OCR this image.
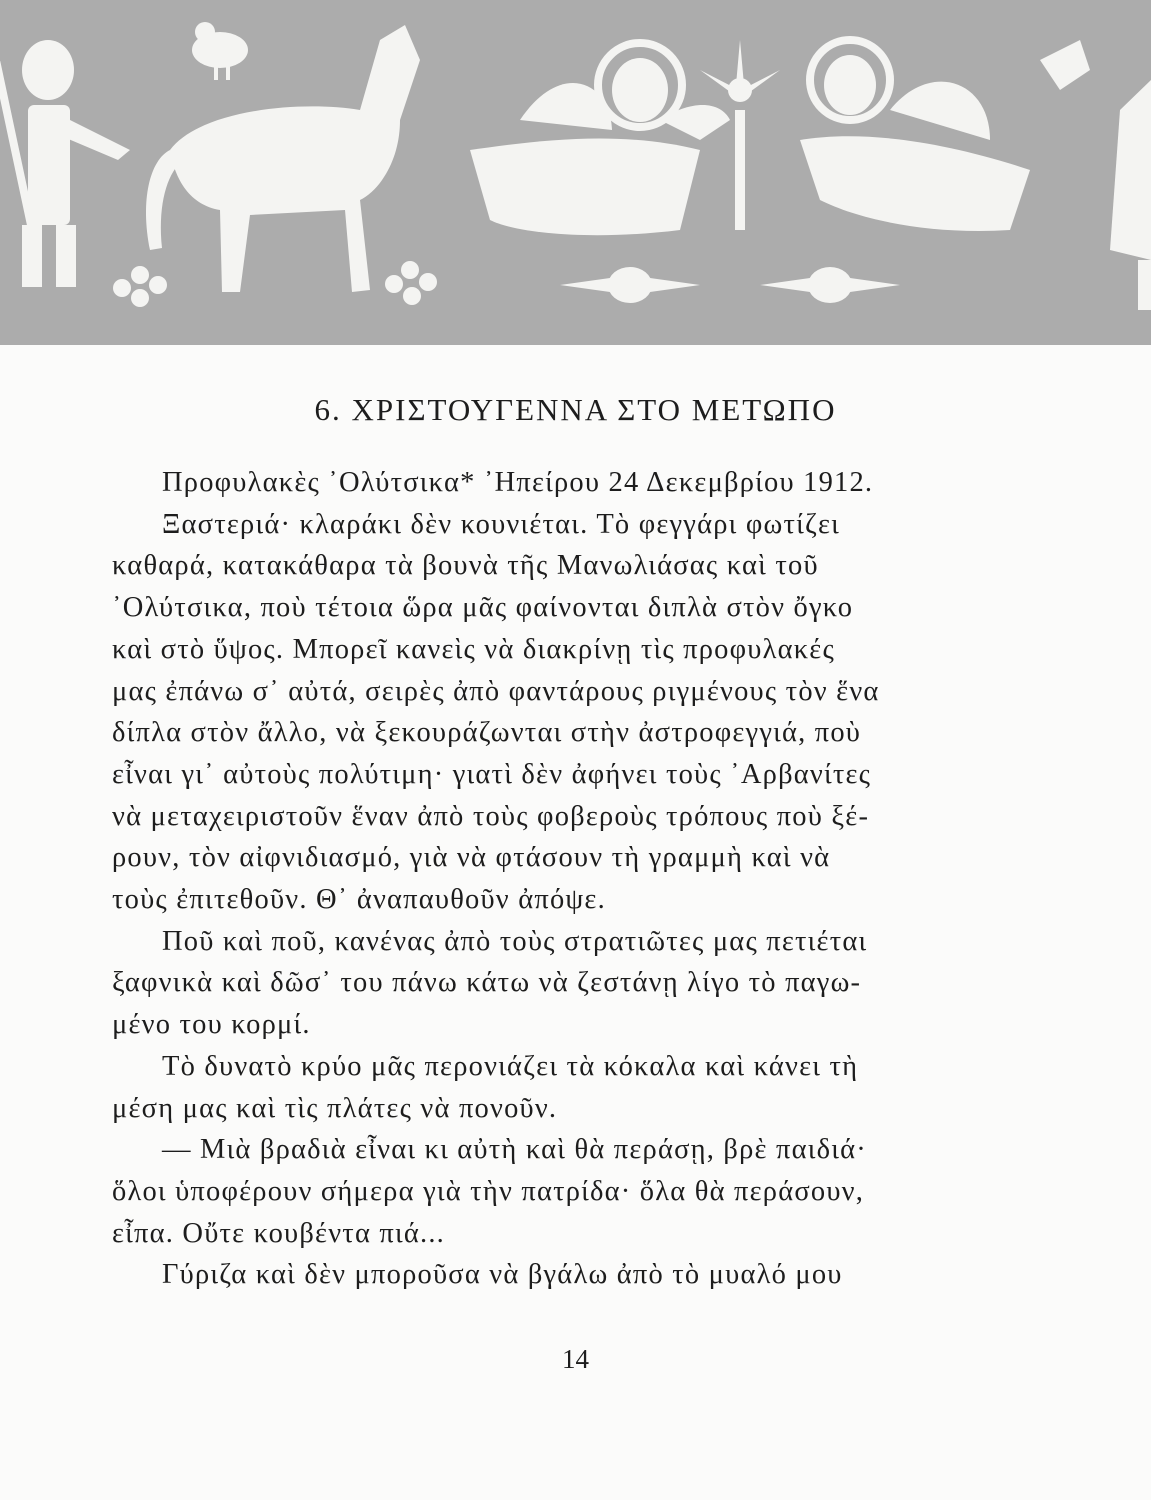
6. ΧΡΙΣΤΟΥΓΕΝΝΑ ΣΤΟ ΜΕΤΩΠΟ

Προφυλακὲς ᾿Ολύτσικα* ᾿Ηπείρου 24 Δεκεμβρίου 1912.
Ξαστεριά· κλαράκι δὲν κουνιέται. Τὸ φεγγάρι φωτίζει
καθαρά, κατακάθαρα τὰ βουνὰ τῆς Μανωλιάσας καὶ τοῦ
᾿Ολύτσικα, ποὺ τέτοια ὥρα μᾶς φαίνονται διπλὰ στὸν ὄγκο
καὶ στὸ ὕψος. Μπορεῖ κανεὶς νὰ διακρίνῃ τὶς προφυλακές
μας ἐπάνω σ᾿ αὐτά, σειρὲς ἀπὸ φαντάρους ριγμένους τὸν ἕνα
δίπλα στὸν ἄλλο, νὰ ξεκουράζωνται στὴν ἀστροφεγγιά, ποὺ
εἶναι γι᾿ αὐτοὺς πολύτιμη· γιατὶ δὲν ἀφήνει τοὺς ᾿Αρβανίτες
νὰ μεταχειριστοῦν ἕναν ἀπὸ τοὺς φοβεροὺς τρόπους ποὺ ξέ-
ρουν, τὸν αἰφνιδιασμό, γιὰ νὰ φτάσουν τὴ γραμμὴ καὶ νὰ
τοὺς ἐπιτεθοῦν. Θ᾿ ἀναπαυθοῦν ἀπόψε.

Ποῦ καὶ ποῦ, κανένας ἀπὸ τοὺς στρατιῶτες μας πετιέται
ξαφνικὰ καὶ δῶσ᾿ του πάνω κάτω νὰ ζεστάνῃ λίγο τὸ παγω-
μένο του κορμί.

Τὸ δυνατὸ κρύο μᾶς περονιάζει τὰ κόκαλα καὶ κάνει τὴ
μέση μας καὶ τὶς πλάτες νὰ πονοῦν.

— Μιὰ βραδιὰ εἶναι κι αὐτὴ καὶ θὰ περάσῃ, βρὲ παιδιά·
ὅλοι ὑποφέρουν σήμερα γιὰ τὴν πατρίδα· ὅλα θὰ περάσουν,
εἶπα. Οὔτε κουβέντα πιά...

Γύριζα καὶ δὲν μποροῦσα νὰ βγάλω ἀπὸ τὸ μυαλό μου

14
